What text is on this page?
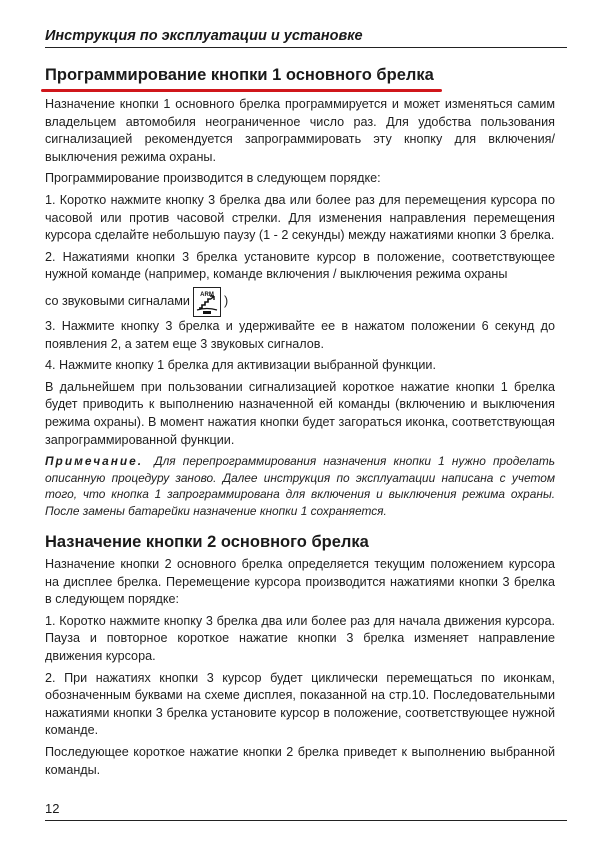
Инструкция по эксплуатации и установке
Программирование кнопки 1 основного брелка

Назначение кнопки 1 основного брелка программируется и может изменяться самим владельцем автомобиля неограниченное число раз. Для удобства пользования сигнализацией рекомендуется запрограммировать эту кнопку для включения/выключения режима охраны.

Программирование производится в следующем порядке:

1. Коротко нажмите кнопку 3 брелка два или более раз для перемещения курсора по часовой или против часовой стрелки. Для изменения направления перемещения курсора сделайте небольшую паузу (1 - 2 секунды) между нажатиями кнопки 3 брелка.

2. Нажатиями кнопки 3 брелка установите курсор в положение, соответствующее нужной команде (например, команде включения / выключения режима охраны

со звуковыми сигналами ARM )

3. Нажмите кнопку 3 брелка и удерживайте ее в нажатом положении 6 секунд до появления 2, а затем еще 3 звуковых сигналов.

4. Нажмите кнопку 1 брелка для активизации выбранной функции.

В дальнейшем при пользовании сигнализацией короткое нажатие кнопки 1 брелка будет приводить к выполнению назначенной ей команды (включению и выключения режима охраны). В момент нажатия кнопки будет загораться иконка, соответствующая запрограммированной функции.

Примечание. Для перепрограммирования назначения кнопки 1 нужно проделать описанную процедуру заново. Далее инструкция по эксплуатации написана с учетом того, что кнопка 1 запрограммирована для включения и выключения режима охраны. После замены батарейки назначение кнопки 1 сохраняется.
Назначение кнопки 2 основного брелка

Назначение кнопки 2 основного брелка определяется текущим положением курсора на дисплее брелка. Перемещение курсора производится нажатиями кнопки 3 брелка в следующем порядке:

1. Коротко нажмите кнопку 3 брелка два или более раз для начала движения курсора. Пауза и повторное короткое нажатие кнопки 3 брелка изменяет направление движения курсора.

2. При нажатиях кнопки 3 курсор будет циклически перемещаться по иконкам, обозначенным буквами на схеме дисплея, показанной на стр.10. Последовательными нажатиями кнопки 3 брелка установите курсор в положение, соответствующее нужной команде.

Последующее короткое нажатие кнопки 2 брелка приведет к выполнению выбранной команды.

12
